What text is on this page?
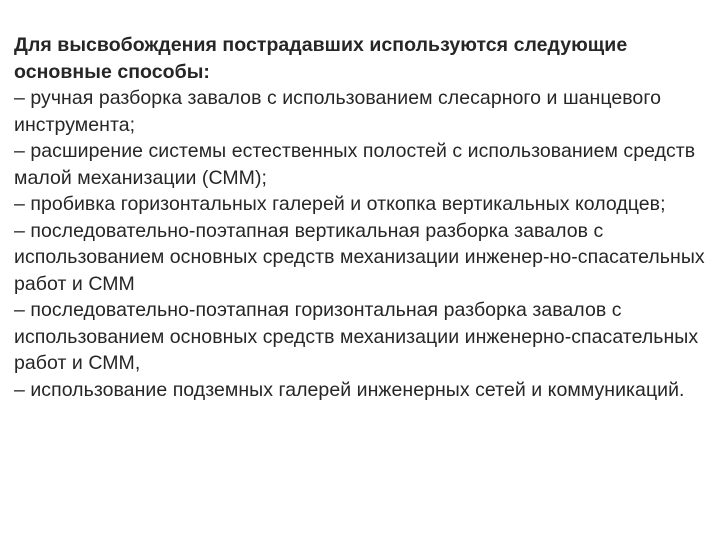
Для высвобождения пострадавших используются следующие основные способы:

– ручная разборка завалов с использованием слесарного и шанцевого инструмента;

– расширение системы естественных полостей с использованием средств малой механизации (СММ);

– пробивка горизонтальных галерей и откопка вертикальных колодцев;

– последовательно-поэтапная вертикальная разборка завалов с использованием основных средств механизации инженер-но-спасательных работ и СММ

– последовательно-поэтапная горизонтальная разборка завалов с использованием основных средств механизации инженерно-спасательных работ и СММ,

– использование подземных галерей инженерных сетей и коммуникаций.
